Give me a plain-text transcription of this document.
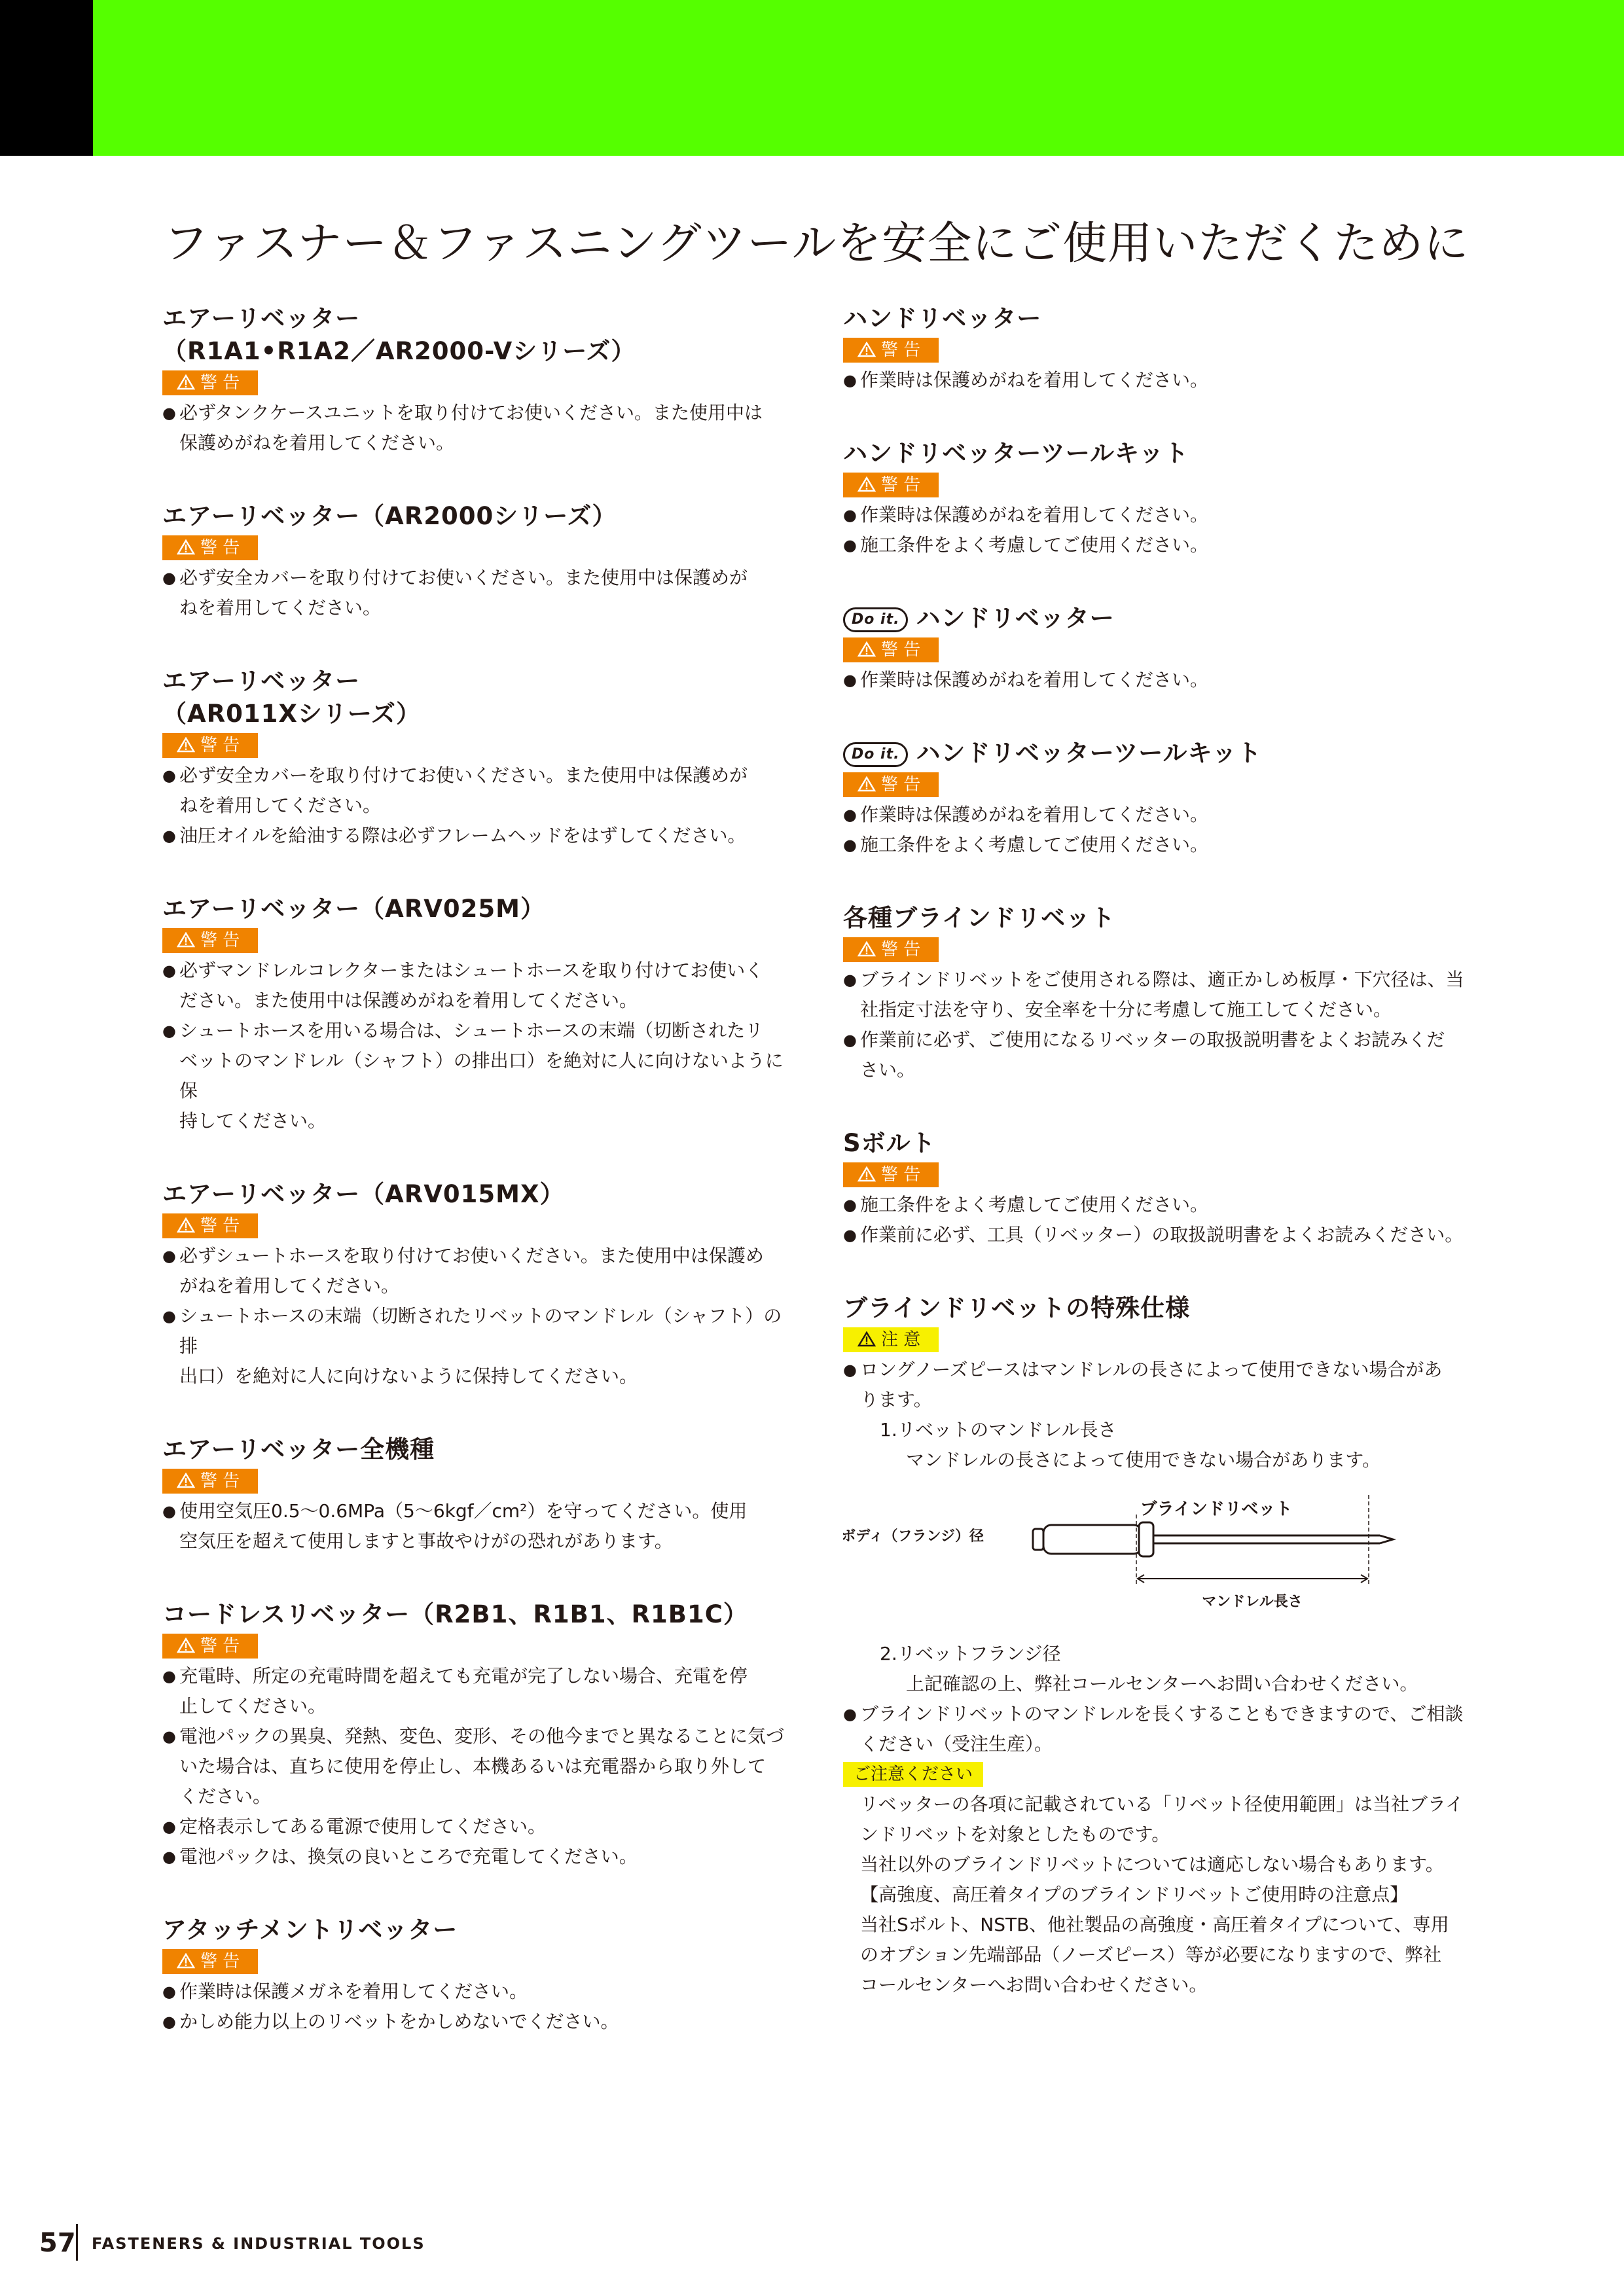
ファスナー＆ファスニングツールを安全にご使用いただくために
エアーリベッター
（R1A1•R1A2／AR2000-Vシリーズ）
警 告
● 必ずタンクケースユニットを取り付けてお使いください。また使用中は
保護めがねを着用してください。
エアーリベッター（AR2000シリーズ）
警 告
● 必ず安全カバーを取り付けてお使いください。また使用中は保護めが
ねを着用してください。
エアーリベッター
（AR011Xシリーズ）
警 告
● 必ず安全カバーを取り付けてお使いください。また使用中は保護めが
ねを着用してください。
● 油圧オイルを給油する際は必ずフレームヘッドをはずしてください。
エアーリベッター（ARV025M）
警 告
● 必ずマンドレルコレクターまたはシュートホースを取り付けてお使いく
ださい。また使用中は保護めがねを着用してください。
● シュートホースを用いる場合は、シュートホースの末端（切断されたリ
ベットのマンドレル（シャフト）の排出口）を絶対に人に向けないように保
持してください。
エアーリベッター（ARV015MX）
警 告
● 必ずシュートホースを取り付けてお使いください。また使用中は保護め
がねを着用してください。
● シュートホースの末端（切断されたリベットのマンドレル（シャフト）の排
出口）を絶対に人に向けないように保持してください。
エアーリベッター全機種
警 告
● 使用空気圧0.5〜0.6MPa（5〜6kgf／cm²）を守ってください。使用
空気圧を超えて使用しますと事故やけがの恐れがあります。
コードレスリベッター（R2B1、R1B1、R1B1C）
警 告
● 充電時、所定の充電時間を超えても充電が完了しない場合、充電を停
止してください。
● 電池パックの異臭、発熱、変色、変形、その他今までと異なることに気づ
いた場合は、直ちに使用を停止し、本機あるいは充電器から取り外して
ください。
● 定格表示してある電源で使用してください。
● 電池パックは、換気の良いところで充電してください。
アタッチメントリベッター
警 告
● 作業時は保護メガネを着用してください。
● かしめ能力以上のリベットをかしめないでください。
ハンドリベッター
警 告
● 作業時は保護めがねを着用してください。
ハンドリベッターツールキット
警 告
● 作業時は保護めがねを着用してください。
● 施工条件をよく考慮してご使用ください。
Do it. ハンドリベッター
警 告
● 作業時は保護めがねを着用してください。
Do it. ハンドリベッターツールキット
警 告
● 作業時は保護めがねを着用してください。
● 施工条件をよく考慮してご使用ください。
各種ブラインドリベット
警 告
● ブラインドリベットをご使用される際は、適正かしめ板厚・下穴径は、当
社指定寸法を守り、安全率を十分に考慮して施工してください。
● 作業前に必ず、ご使用になるリベッターの取扱説明書をよくお読みくだ
さい。
Sボルト
警 告
● 施工条件をよく考慮してご使用ください。
● 作業前に必ず、工具（リベッター）の取扱説明書をよくお読みください。
ブラインドリベットの特殊仕様
注 意
● ロングノーズピースはマンドレルの長さによって使用できない場合があ
ります。
1.リベットのマンドレル長さ
マンドレルの長さによって使用できない場合があります。
ブラインドリベット
ボディ（フランジ）径
マンドレル長さ
2.リベットフランジ径
上記確認の上、弊社コールセンターへお問い合わせください。
● ブラインドリベットのマンドレルを長くすることもできますので、ご相談
ください（受注生産）。
ご注意ください
リベッターの各項に記載されている「リベット径使用範囲」は当社ブライ
ンドリベットを対象としたものです。
当社以外のブラインドリベットについては適応しない場合もあります。
【高強度、高圧着タイプのブラインドリベットご使用時の注意点】
当社Sボルト、NSTB、他社製品の高強度・高圧着タイプについて、専用
のオプション先端部品（ノーズピース）等が必要になりますので、弊社
コールセンターへお問い合わせください。
57 FASTENERS & INDUSTRIAL TOOLS
